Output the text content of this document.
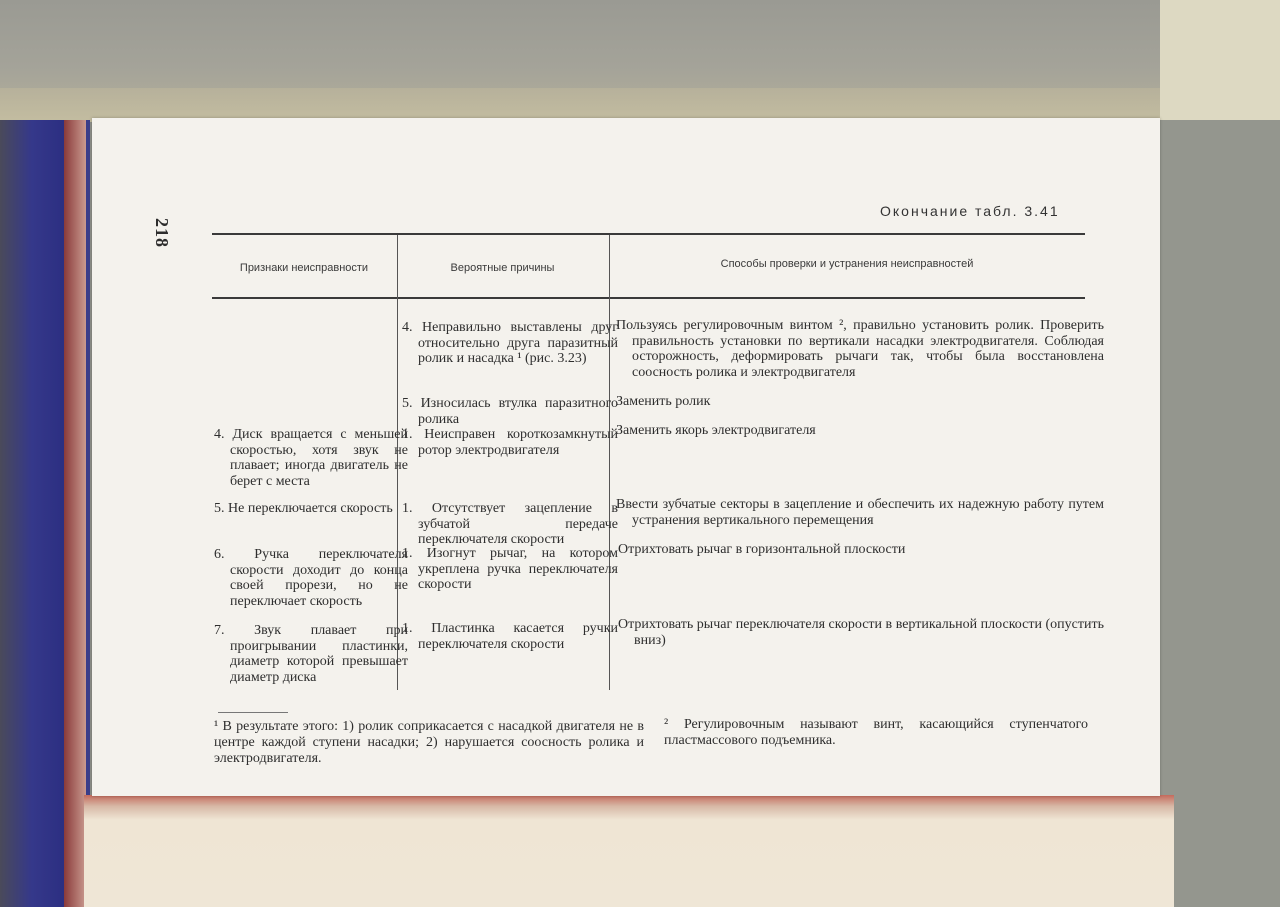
218
Окончание табл. 3.41
Признаки неисправности	Вероятные причины	Способы проверки и устранения неисправностей
4. Неправильно выставлены друг относительно друга паразитный ролик и насадка ¹ (рис. 3.23)
Пользуясь регулировочным винтом ², правильно установить ролик. Проверить правильность установки по вертикали насадки электродвигателя. Соблюдая осторожность, деформировать рычаги так, чтобы была восстановлена соосность ролика и электродвигателя
5. Износилась втулка паразитного ролика
Заменить ролик
4. Диск вращается с меньшей скоростью, хотя звук не плавает; иногда двигатель не берет с места
1. Неисправен короткозамкнутый ротор электродвигателя
Заменить якорь электродвигателя
5. Не переключается скорость 1. Отсутствует зацепление в зубчатой передаче переключателя скорости
Ввести зубчатые секторы в зацепление и обеспечить их надежную работу путем устранения вертикального перемещения
6. Ручка переключателя скорости доходит до конца своей прорези, но не переключает скорость
1. Изогнут рычаг, на котором укреплена ручка переключателя скорости
Отрихтовать рычаг в горизонтальной плоскости
7. Звук плавает при проигрывании пластинки, диаметр которой превышает диаметр диска
1. Пластинка касается ручки переключателя скорости
Отрихтовать рычаг переключателя скорости в вертикальной плоскости (опустить вниз)
¹ В результате этого: 1) ролик соприкасается с насадкой двигателя не в центре каждой ступени насадки; 2) нарушается соосность ролика и электродвигателя.
² Регулировочным называют винт, касающийся ступенчатого пластмассового подъемника.
